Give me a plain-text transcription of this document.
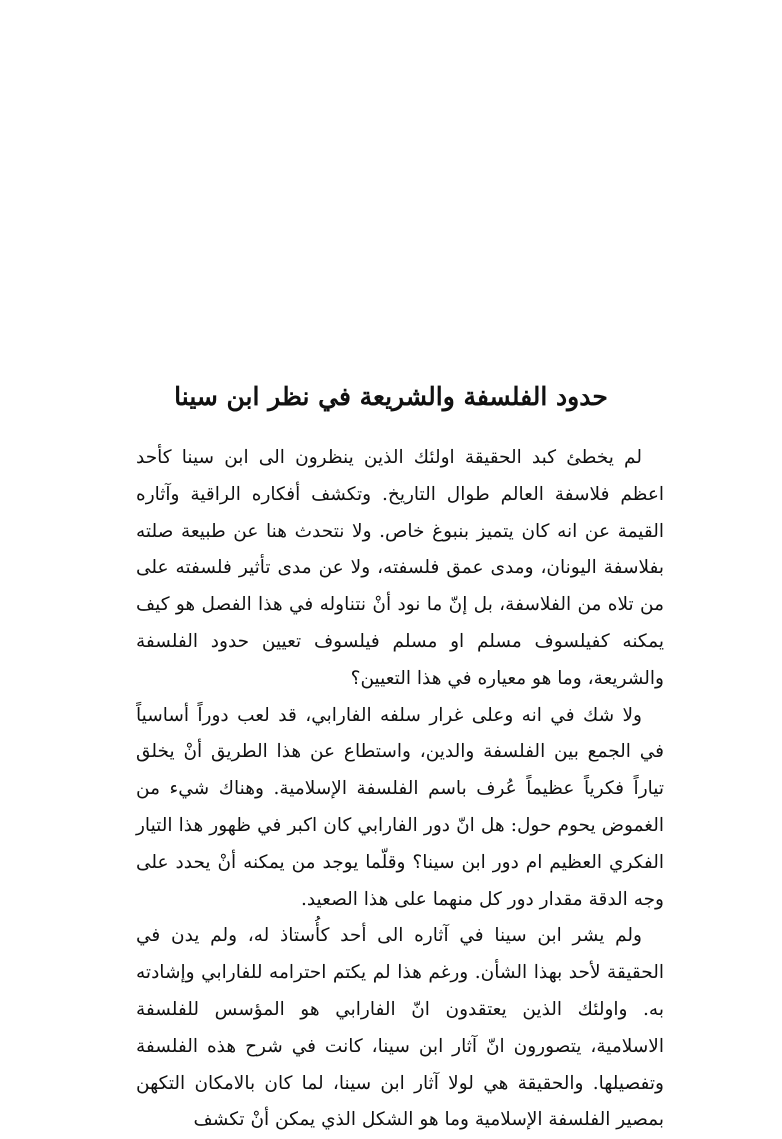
حدود الفلسفة والشريعة في نظر ابن سينا

لم يخطئ كبد الحقيقة اولئك الذين ينظرون الى ابن سينا كأحد اعظم فلاسفة العالم طوال التاريخ. وتكشف أفكاره الراقية وآثاره القيمة عن انه كان يتميز بنبوغ خاص. ولا نتحدث هنا عن طبيعة صلته بفلاسفة اليونان، ومدى عمق فلسفته، ولا عن مدى تأثير فلسفته على من تلاه من الفلاسفة، بل إنّ ما نود أنْ نتناوله في هذا الفصل هو كيف يمكنه كفيلسوف مسلم او مسلم فيلسوف تعيين حدود الفلسفة والشريعة، وما هو معياره في هذا التعيين؟

ولا شك في انه وعلى غرار سلفه الفارابي، قد لعب دوراً أساسياً في الجمع بين الفلسفة والدين، واستطاع عن هذا الطريق أنْ يخلق تياراً فكرياً عظيماً عُرف باسم الفلسفة الإسلامية. وهناك شيء من الغموض يحوم حول: هل انّ دور الفارابي كان اكبر في ظهور هذا التيار الفكري العظيم ام دور ابن سينا؟ وقلّما يوجد من يمكنه أنْ يحدد على وجه الدقة مقدار دور كل منهما على هذا الصعيد.

ولم يشر ابن سينا في آثاره الى أحد كأُستاذ له، ولم يدن في الحقيقة لأحد بهذا الشأن. ورغم هذا لم يكتم احترامه للفارابي وإشادته به. واولئك الذين يعتقدون انّ الفارابي هو المؤسس للفلسفة الاسلامية، يتصورون انّ آثار ابن سينا، كانت في شرح هذه الفلسفة وتفصيلها. والحقيقة هي لولا آثار ابن سينا، لما كان بالامكان التكهن بمصير الفلسفة الإسلامية وما هو الشكل الذي يمكن أنْ تكشف
